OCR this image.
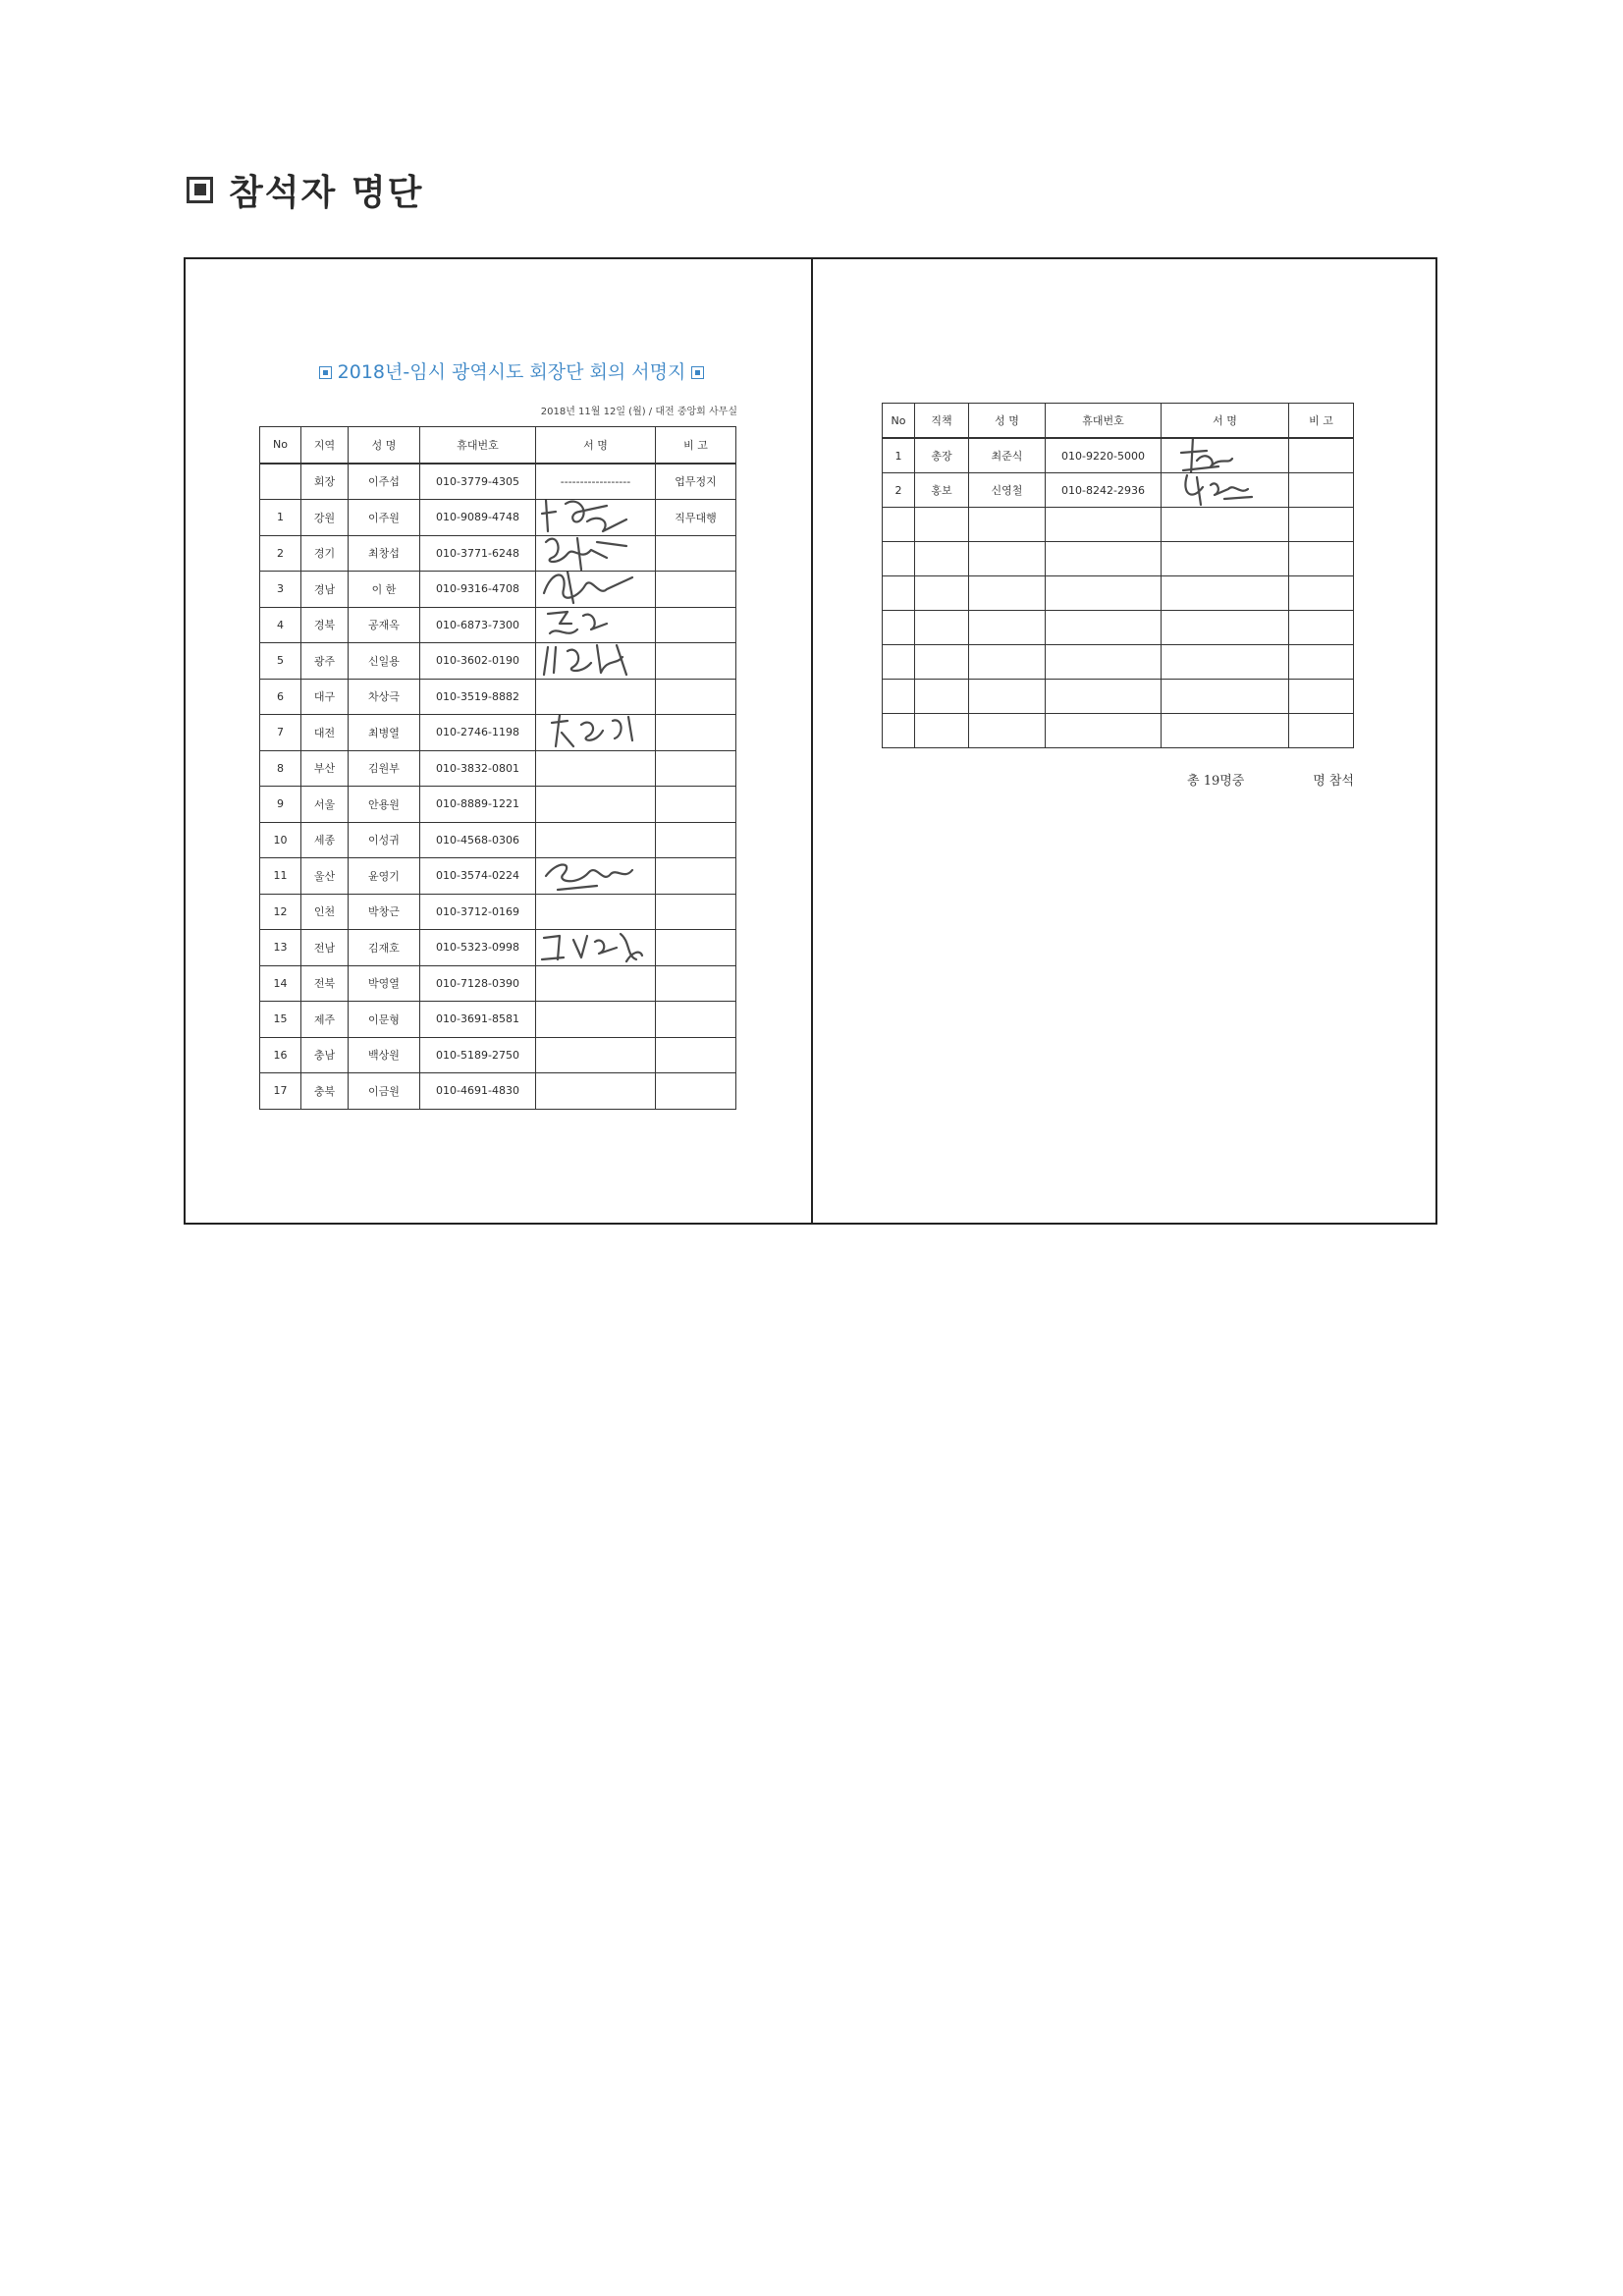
참석자 명단
2018년-임시 광역시도 회장단 회의 서명지
2018년 11월 12일 (월) / 대전 중앙회 사무실
No	지역	성 명	휴대번호	서 명	비 고
	회장	이주섭	010-3779-4305	------------------	업무정지
1	강원	이주원	010-9089-4748		직무대행
2	경기	최창섭	010-3771-6248	

3	경남	이 한	010-9316-4708	

4	경북	공재옥	010-6873-7300	

5	광주	신일용	010-3602-0190	

6	대구	차상극	010-3519-8882		
7	대전	최병열	010-2746-1198	

8	부산	김원부	010-3832-0801		
9	서울	안용원	010-8889-1221		
10	세종	이성귀	010-4568-0306		
11	울산	윤영기	010-3574-0224	

12	인천	박창근	010-3712-0169		
13	전남	김재호	010-5323-0998	

14	전북	박영열	010-7128-0390		
15	제주	이문형	010-3691-8581		
16	충남	백상원	010-5189-2750		
17	충북	이금원	010-4691-4830		
No	직책	성 명	휴대번호	서 명	비 고
1	총장	최준식	010-9220-5000	

2	홍보	신영철	010-8242-2936	

총 19명중	명 참석
